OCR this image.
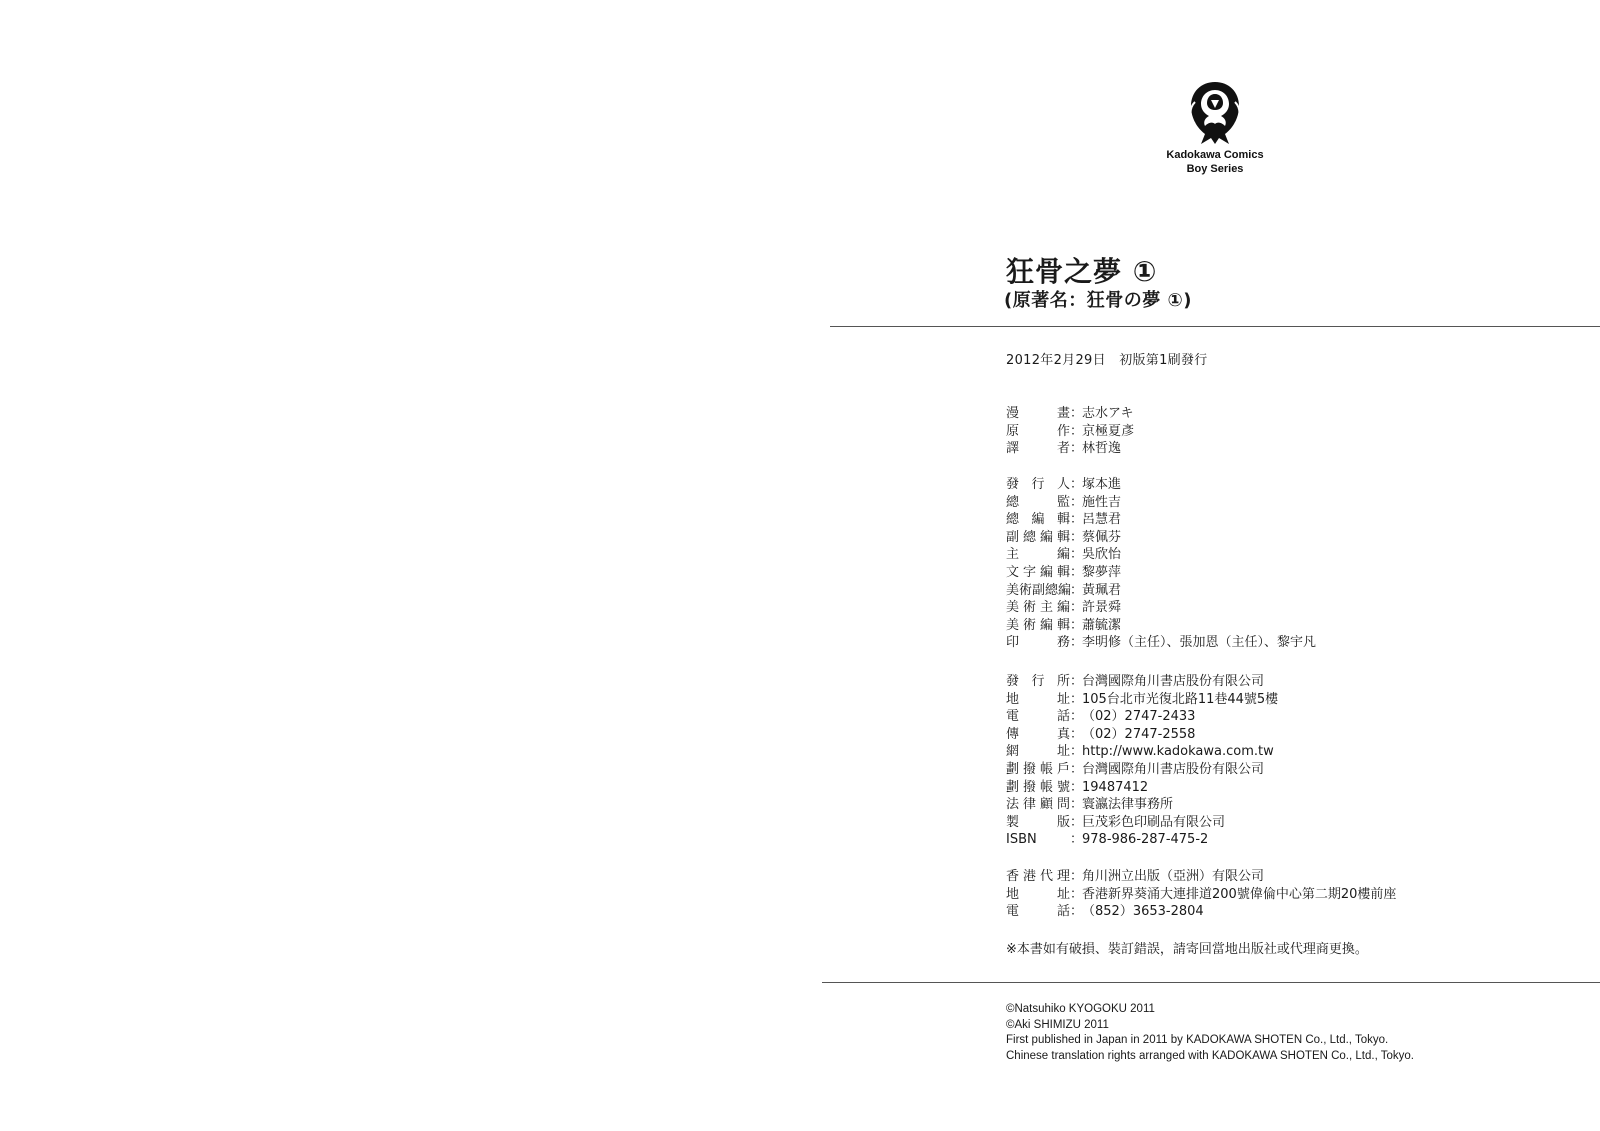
Kadokawa Comics
Boy Series
狂骨之夢 ①
(原著名：狂骨の夢 ①)
2012年2月29日　初版第1刷發行
漫畫 ：
志水アキ
原作 ：
京極夏彥
譯者 ：
林哲逸
發行人 ：
塚本進
總監 ：
施性吉
總編輯 ：
呂慧君
副總編輯 ：
蔡佩芬
主編 ：
吳欣怡
文字編輯 ：
黎夢萍
美術副總編
：
黃珮君
美術主編 ：
許景舜
美術編輯 ：
蕭毓潔
印務 ：
李明修（主任）、張加恩（主任）、黎宇凡
發行所 ：
台灣國際角川書店股份有限公司
地址 ：
105台北市光復北路11巷44號5樓
電話 ：
（02）2747-2433
傳真 ：
（02）2747-2558
網址 ：
http://www.kadokawa.com.tw
劃撥帳戶 ：
台灣國際角川書店股份有限公司
劃撥帳號 ：
19487412
法律顧問 ：
寰瀛法律事務所
製版 ：
巨茂彩色印刷品有限公司
ISBN	：
978-986-287-475-2
香港代理 ：
角川洲立出版（亞洲）有限公司
地址 ：
香港新界葵涌大連排道200號偉倫中心第二期20樓前座
電話 ：
（852）3653-2804
※本書如有破損、裝訂錯誤，請寄回當地出版社或代理商更換。
©Natsuhiko KYOGOKU 2011
©Aki SHIMIZU 2011
First published in Japan in 2011 by KADOKAWA SHOTEN Co., Ltd., Tokyo.
Chinese translation rights arranged with KADOKAWA SHOTEN Co., Ltd., Tokyo.
